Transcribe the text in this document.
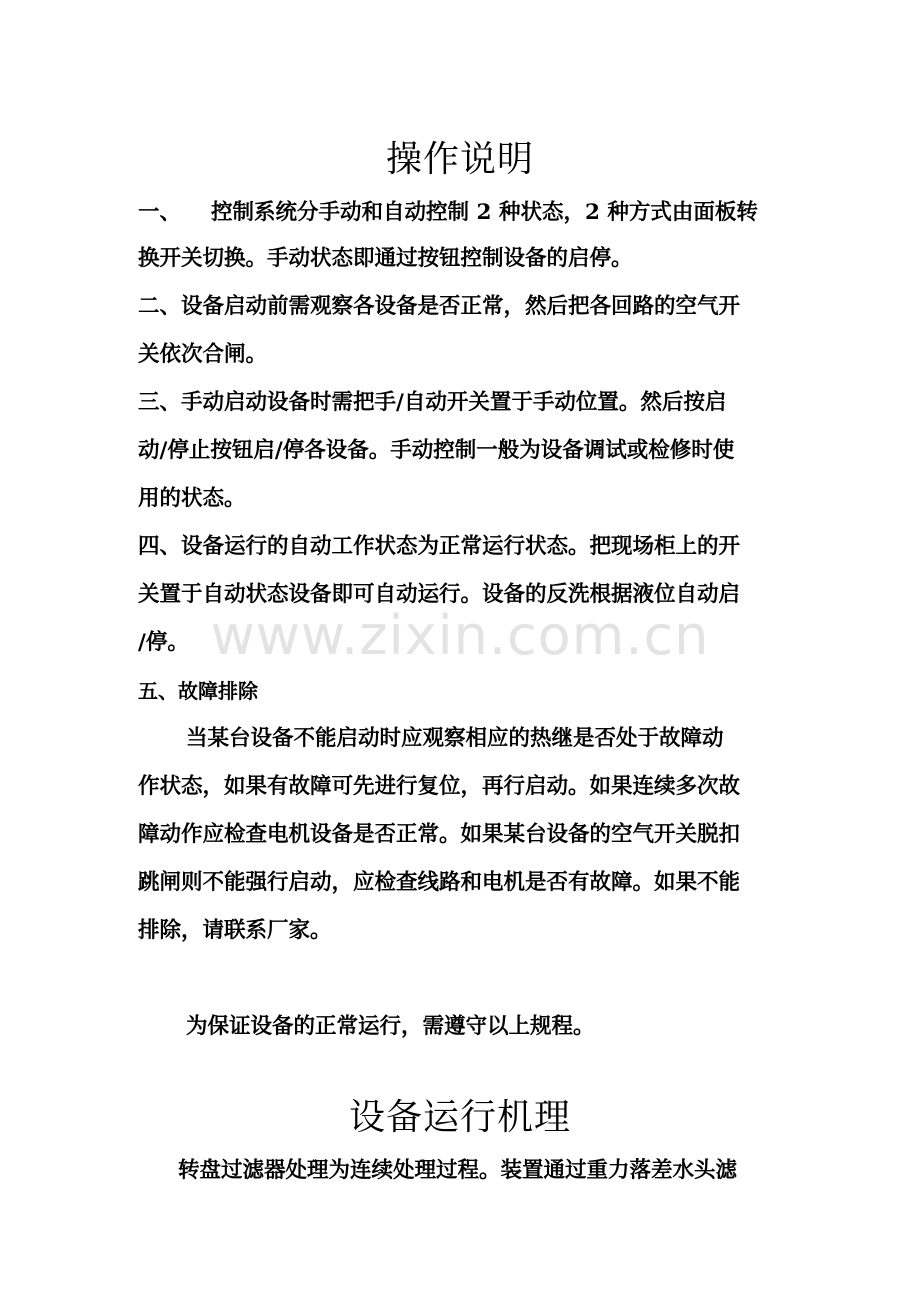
操作说明
一、 控制系统分手动和自动控制 2 种状态，2 种方式由面板转
换开关切换。手动状态即通过按钮控制设备的启停。
二、设备启动前需观察各设备是否正常，然后把各回路的空气开
关依次合闸。
三、手动启动设备时需把手/自动开关置于手动位置。然后按启
动/停止按钮启/停各设备。手动控制一般为设备调试或检修时使
用的状态。
四、设备运行的自动工作状态为正常运行状态。把现场柜上的开
关置于自动状态设备即可自动运行。设备的反洗根据液位自动启
/停。 www.zixin.com.cn
五、故障排除
当某台设备不能启动时应观察相应的热继是否处于故障动
作状态，如果有故障可先进行复位，再行启动。如果连续多次故
障动作应检查电机设备是否正常。如果某台设备的空气开关脱扣
跳闸则不能强行启动，应检查线路和电机是否有故障。如果不能
排除，请联系厂家。
为保证设备的正常运行，需遵守以上规程。
设备运行机理
转盘过滤器处理为连续处理过程。装置通过重力落差水头滤
